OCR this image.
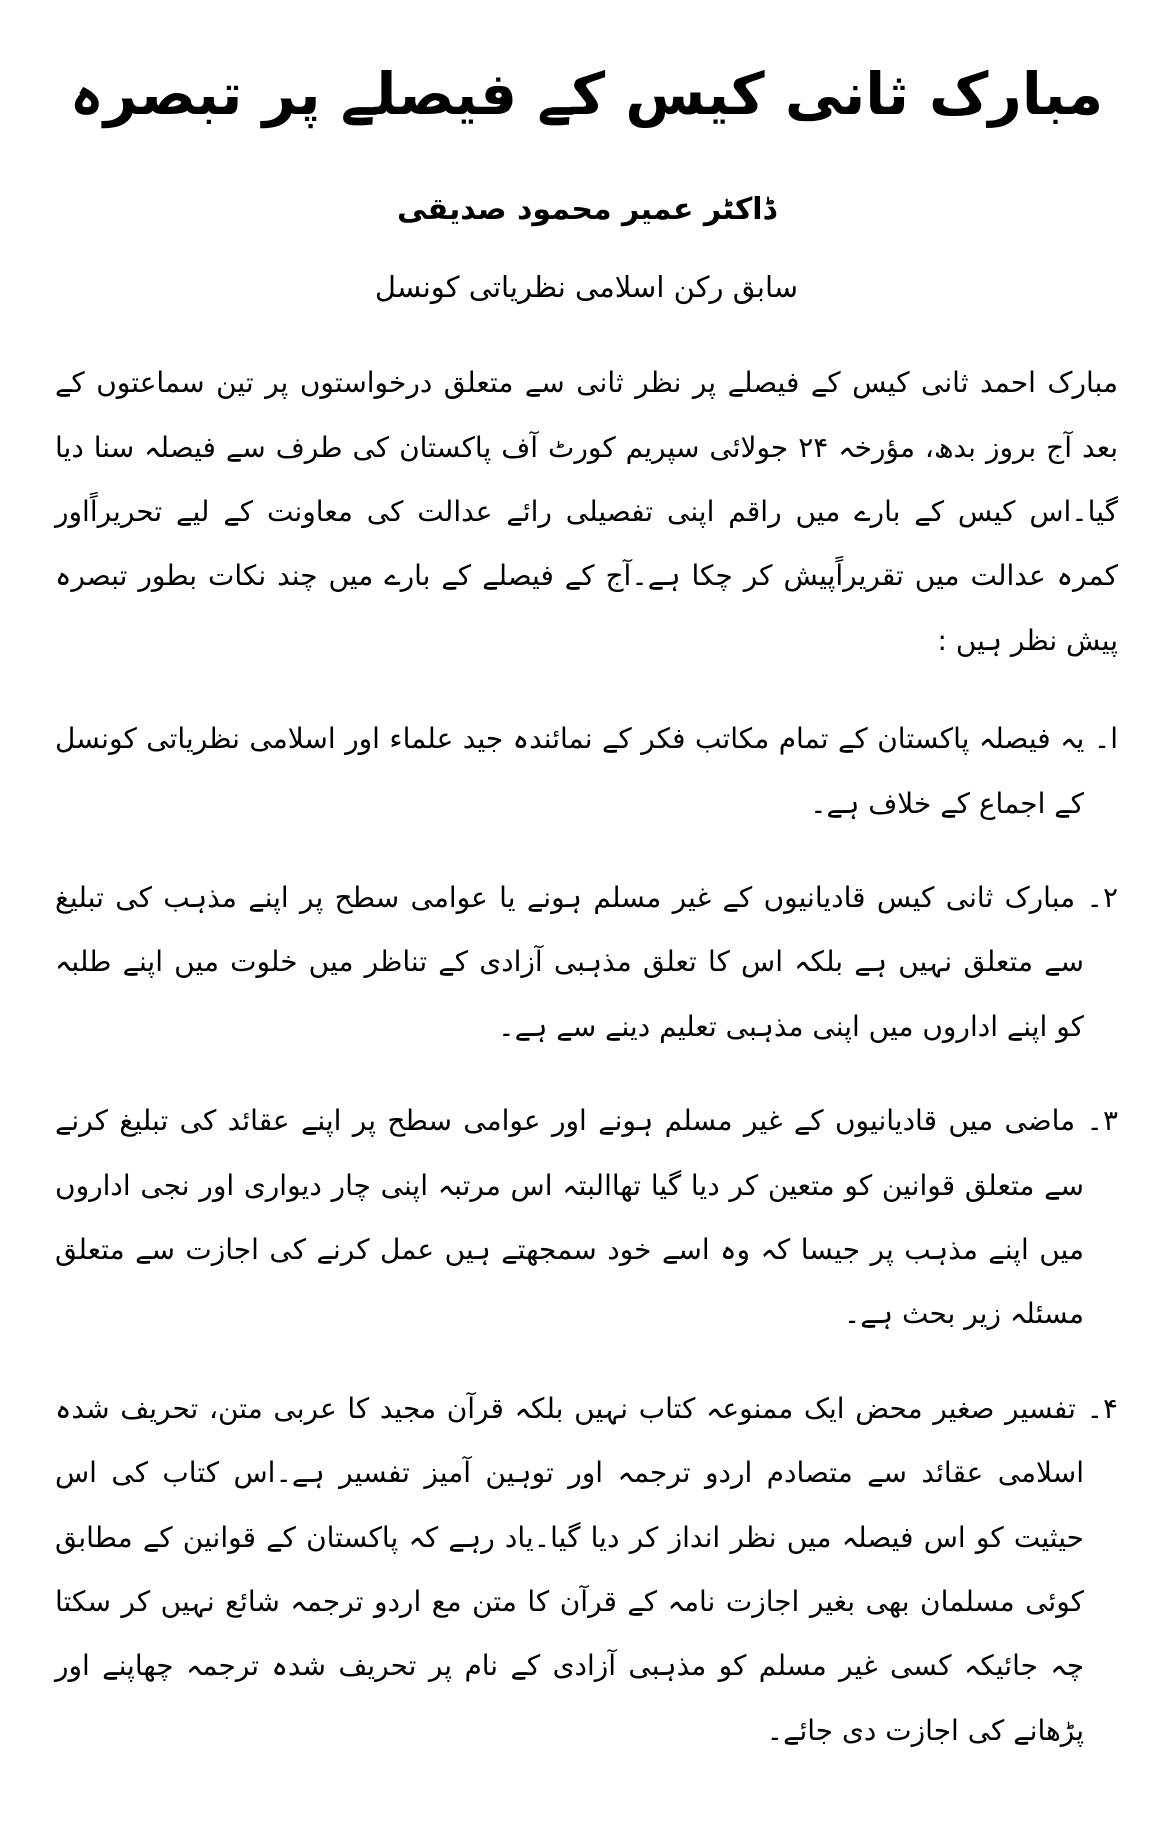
مبارک ثانی کیس کے فیصلے پر تبصرہ
ڈاکٹر عمیر محمود صدیقی
سابق رکن اسلامی نظریاتی کونسل

مبارک احمد ثانی کیس کے فیصلے پر نظر ثانی سے متعلق درخواستوں پر تین سماعتوں کے بعد آج بروز بدھ، مؤرخہ ۲۴ جولائی سپریم کورٹ آف پاکستان کی طرف سے فیصلہ سنا دیا گیا۔اس کیس کے بارے میں راقم اپنی تفصیلی رائے عدالت کی معاونت کے لیے تحریراًاور کمرہ عدالت میں تقریراًپیش کر چکا ہے۔آج کے فیصلے کے بارے میں چند نکات بطور تبصرہ پیش نظر ہیں :

ا۔ یہ فیصلہ پاکستان کے تمام مکاتب فکر کے نمائندہ جید علماء اور اسلامی نظریاتی کونسل کے اجماع کے خلاف ہے۔

۲۔ مبارک ثانی کیس قادیانیوں کے غیر مسلم ہونے یا عوامی سطح پر اپنے مذہب کی تبلیغ سے متعلق نہیں ہے بلکہ اس کا تعلق مذہبی آزادی کے تناظر میں خلوت میں اپنے طلبہ کو اپنے اداروں میں اپنی مذہبی تعلیم دینے سے ہے۔

۳۔ ماضی میں قادیانیوں کے غیر مسلم ہونے اور عوامی سطح پر اپنے عقائد کی تبلیغ کرنے سے متعلق قوانین کو متعین کر دیا گیا تھاالبتہ اس مرتبہ اپنی چار دیواری اور نجی اداروں میں اپنے مذہب پر جیسا کہ وہ اسے خود سمجھتے ہیں عمل کرنے کی اجازت سے متعلق مسئلہ زیر بحث ہے۔

۴۔ تفسیر صغیر محض ایک ممنوعہ کتاب نہیں بلکہ قرآن مجید کا عربی متن، تحریف شدہ اسلامی عقائد سے متصادم اردو ترجمہ اور توہین آمیز تفسیر ہے۔اس کتاب کی اس حیثیت کو اس فیصلہ میں نظر انداز کر دیا گیا۔یاد رہے کہ پاکستان کے قوانین کے مطابق کوئی مسلمان بھی بغیر اجازت نامہ کے قرآن کا متن مع اردو ترجمہ شائع نہیں کر سکتا چہ جائیکہ کسی غیر مسلم کو مذہبی آزادی کے نام پر تحریف شدہ ترجمہ چھاپنے اور پڑھانے کی اجازت دی جائے۔
